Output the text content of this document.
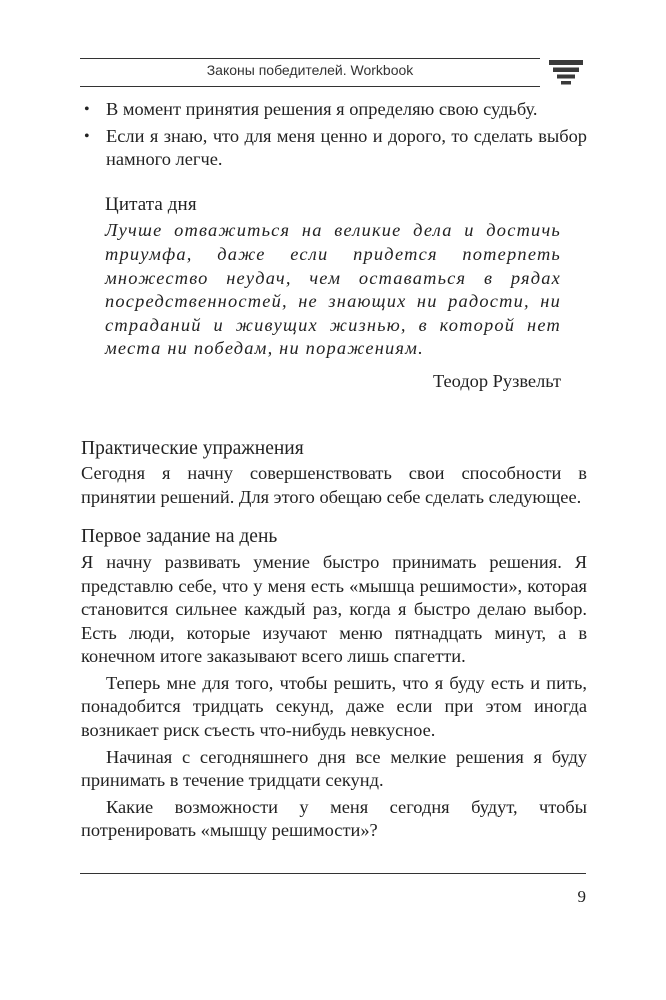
Законы победителей. Workbook
• В момент принятия решения я определяю свою судьбу.
• Если я знаю, что для меня ценно и дорого, то сделать выбор намного легче.
Цитата дня

Лучше отважиться на великие дела и достичь триумфа, даже если придется потерпеть множество неудач, чем оставаться в рядах посредственностей, не знающих ни радости, ни страданий и живущих жизнью, в которой нет места ни победам, ни поражениям.

Теодор Рузвельт

Практические упражнения

Сегодня я начну совершенствовать свои способности в принятии решений. Для этого обещаю себе сделать следующее.

Первое задание на день

Я начну развивать умение быстро принимать решения. Я представлю себе, что у меня есть «мышца решимости», которая становится сильнее каждый раз, когда я быстро делаю выбор. Есть люди, которые изучают меню пятнадцать минут, а в конечном итоге заказывают всего лишь спагетти.

Теперь мне для того, чтобы решить, что я буду есть и пить, понадобится тридцать секунд, даже если при этом иногда возникает риск съесть что-нибудь невкусное.

Начиная с сегодняшнего дня все мелкие решения я буду принимать в течение тридцати секунд.

Какие возможности у меня сегодня будут, чтобы потренировать «мышцу решимости»?

9
